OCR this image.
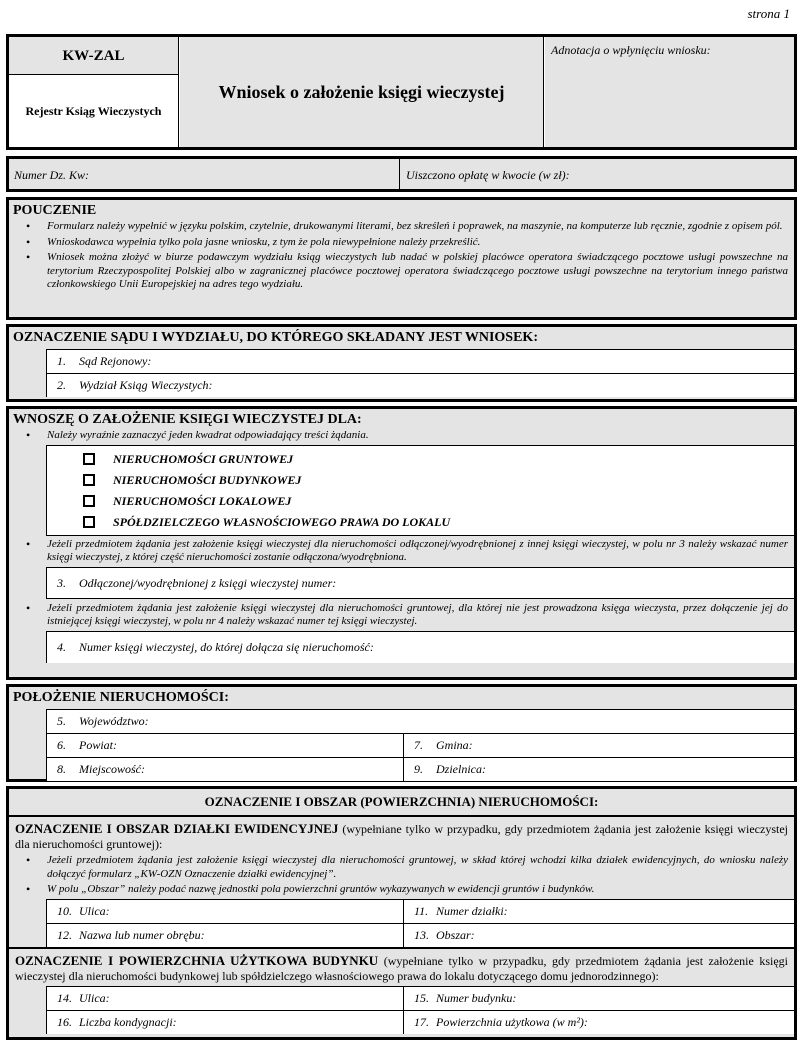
strona 1
KW-ZAL
Rejestr Ksiąg Wieczystych
Wniosek o założenie księgi wieczystej
Adnotacja o wpłynięciu wniosku:
Numer Dz. Kw:	Uiszczono opłatę w kwocie (w zł):
POUCZENIE
• Formularz należy wypełnić w języku polskim, czytelnie, drukowanymi literami, bez skreśleń i poprawek, na maszynie, na komputerze lub ręcznie, zgodnie z opisem pól.
• Wnioskodawca wypełnia tylko pola jasne wniosku, z tym że pola niewypełnione należy przekreślić.
• Wniosek można złożyć w biurze podawczym wydziału ksiąg wieczystych lub nadać w polskiej placówce operatora świadczącego pocztowe usługi powszechne na terytorium Rzeczypospolitej Polskiej albo w zagranicznej placówce pocztowej operatora świadczącego pocztowe usługi powszechne na terytorium innego państwa członkowskiego Unii Europejskiej na adres tego wydziału.
OZNACZENIE SĄDU I WYDZIAŁU, DO KTÓREGO SKŁADANY JEST WNIOSEK:
1. Sąd Rejonowy:
2. Wydział Ksiąg Wieczystych:
WNOSZĘ O ZAŁOŻENIE KSIĘGI WIECZYSTEJ DLA:
• Należy wyraźnie zaznaczyć jeden kwadrat odpowiadający treści żądania.
NIERUCHOMOŚCI GRUNTOWEJ
NIERUCHOMOŚCI BUDYNKOWEJ
NIERUCHOMOŚCI LOKALOWEJ
SPÓŁDZIELCZEGO WŁASNOŚCIOWEGO PRAWA DO LOKALU
• Jeżeli przedmiotem żądania jest założenie księgi wieczystej dla nieruchomości odłączonej/wyodrębnionej z innej księgi wieczystej, w polu nr 3 należy wskazać numer księgi wieczystej, z której część nieruchomości zostanie odłączona/wyodrębniona.
3. Odłączonej/wyodrębnionej z księgi wieczystej numer:
• Jeżeli przedmiotem żądania jest założenie księgi wieczystej dla nieruchomości gruntowej, dla której nie jest prowadzona księga wieczysta, przez dołączenie jej do istniejącej księgi wieczystej, w polu nr 4 należy wskazać numer tej księgi wieczystej.
4. Numer księgi wieczystej, do której dołącza się nieruchomość:
POŁOŻENIE NIERUCHOMOŚCI:
5. Województwo:
6. Powiat:	7. Gmina:
8. Miejscowość:	9. Dzielnica:
OZNACZENIE I OBSZAR (POWIERZCHNIA) NIERUCHOMOŚCI:
OZNACZENIE I OBSZAR DZIAŁKI EWIDENCYJNEJ (wypełniane tylko w przypadku, gdy przedmiotem żądania jest założenie księgi wieczystej dla nieruchomości gruntowej):
• Jeżeli przedmiotem żądania jest założenie księgi wieczystej dla nieruchomości gruntowej, w skład której wchodzi kilka działek ewidencyjnych, do wniosku należy dołączyć formularz „KW-OZN Oznaczenie działki ewidencyjnej”.
• W polu „Obszar” należy podać nazwę jednostki pola powierzchni gruntów wykazywanych w ewidencji gruntów i budynków.
10. Ulica:	11. Numer działki:
12. Nazwa lub numer obrębu:	13. Obszar:
OZNACZENIE I POWIERZCHNIA UŻYTKOWA BUDYNKU (wypełniane tylko w przypadku, gdy przedmiotem żądania jest założenie księgi wieczystej dla nieruchomości budynkowej lub spółdzielczego własnościowego prawa do lokalu dotyczącego domu jednorodzinnego):
14. Ulica:	15. Numer budynku:
16. Liczba kondygnacji:	17. Powierzchnia użytkowa (w m²):
